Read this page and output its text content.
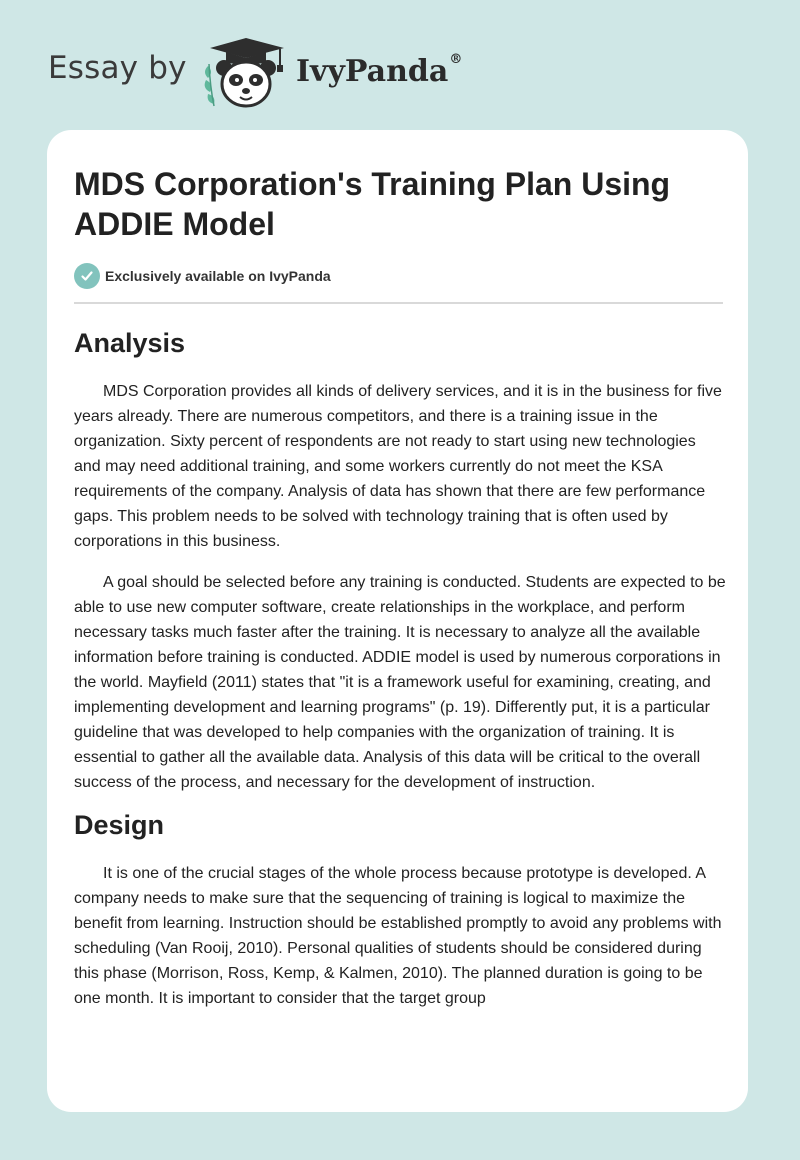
Essay by	IvyPanda®
MDS Corporation's Training Plan Using ADDIE Model
Exclusively available on IvyPanda
Analysis

MDS Corporation provides all kinds of delivery services, and it is in the business for five years already. There are numerous competitors, and there is a training issue in the organization. Sixty percent of respondents are not ready to start using new technologies and may need additional training, and some workers currently do not meet the KSA requirements of the company. Analysis of data has shown that there are few performance gaps. This problem needs to be solved with technology training that is often used by corporations in this business.

A goal should be selected before any training is conducted. Students are expected to be able to use new computer software, create relationships in the workplace, and perform necessary tasks much faster after the training. It is necessary to analyze all the available information before training is conducted. ADDIE model is used by numerous corporations in the world. Mayfield (2011) states that "it is a framework useful for examining, creating, and implementing development and learning programs" (p. 19). Differently put, it is a particular guideline that was developed to help companies with the organization of training. It is essential to gather all the available data. Analysis of this data will be critical to the overall success of the process, and necessary for the development of instruction.

Design

It is one of the crucial stages of the whole process because prototype is developed. A company needs to make sure that the sequencing of training is logical to maximize the benefit from learning. Instruction should be established promptly to avoid any problems with scheduling (Van Rooij, 2010). Personal qualities of students should be considered during this phase (Morrison, Ross, Kemp, & Kalmen, 2010). The planned duration is going to be one month. It is important to consider that the target group
